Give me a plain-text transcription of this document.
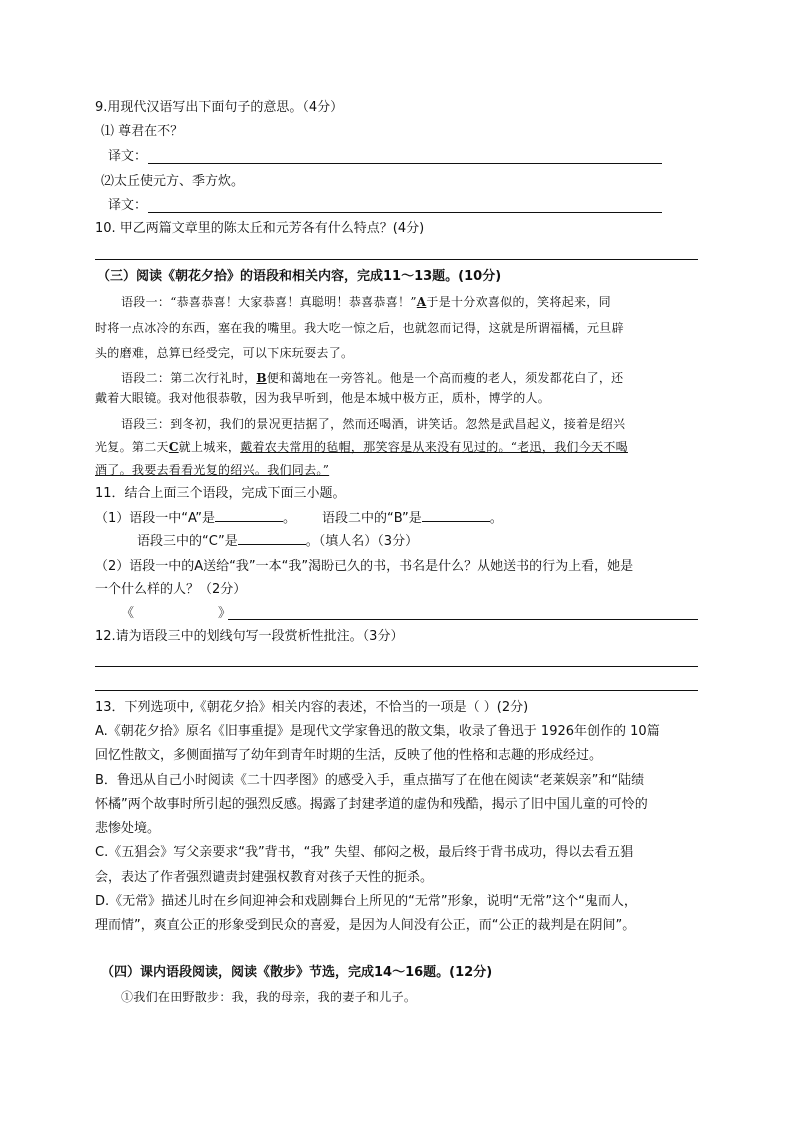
9.用现代汉语写出下面句子的意思。（4分）
⑴ 尊君在不？
译文：
⑵太丘使元方、季方炊。
译文：
10. 甲乙两篇文章里的陈太丘和元芳各有什么特点？(4分)
（三）阅读《朝花夕拾》的语段和相关内容，完成11～13题。(10分)
语段一：“恭喜恭喜！大家恭喜！真聪明！恭喜恭喜！”A于是十分欢喜似的，笑将起来，同
时将一点冰冷的东西，塞在我的嘴里。我大吃一惊之后，也就忽而记得，这就是所谓福橘，元旦辟
头的磨难，总算已经受完，可以下床玩耍去了。
语段二：第二次行礼时，B便和蔼地在一旁答礼。他是一个高而瘦的老人，须发都花白了，还
戴着大眼镜。我对他很恭敬，因为我早听到，他是本城中极方正，质朴，博学的人。
语段三：到冬初，我们的景况更拮据了，然而还喝酒，讲笑话。忽然是武昌起义，接着是绍兴
光复。第二天C就上城来，戴着农夫常用的毡帽，那笑容是从来没有见过的。“老迅，我们今天不喝
酒了。我要去看看光复的绍兴。我们同去。”
11．结合上面三个语段，完成下面三小题。
（1）语段一中“A”是	。 语段二中的“B”是	。
语段三中的“C”是	。（填人名）（3分）
（2）语段一中的A送给“我”一本“我”渴盼已久的书，书名是什么？从她送书的行为上看，她是
一个什么样的人？（2分）
《	》
12.请为语段三中的划线句写一段赏析性批注。（3分）
13．下列选项中,《朝花夕拾》相关内容的表述，不恰当的一项是（ ）(2分)
A.《朝花夕拾》原名《旧事重提》是现代文学家鲁迅的散文集，收录了鲁迅于 1926年创作的 10篇
回忆性散文，多侧面描写了幼年到青年时期的生活，反映了他的性格和志趣的形成经过。
B．鲁迅从自己小时阅读《二十四孝图》的感受入手，重点描写了在他在阅读“老莱娱亲”和“陆绩
怀橘”两个故事时所引起的强烈反感。揭露了封建孝道的虚伪和残酷，揭示了旧中国儿童的可怜的
悲惨处境。
C.《五猖会》写父亲要求“我”背书，“我” 失望、郁闷之极，最后终于背书成功，得以去看五猖
会，表达了作者强烈谴责封建强权教育对孩子天性的扼杀。
D.《无常》描述儿时在乡间迎神会和戏剧舞台上所见的“无常”形象，说明“无常”这个“鬼而人，
理而情”，爽直公正的形象受到民众的喜爱，是因为人间没有公正，而“公正的裁判是在阴间”。
（四）课内语段阅读，阅读《散步》节选，完成14～16题。(12分)
①我们在田野散步：我，我的母亲，我的妻子和儿子。
